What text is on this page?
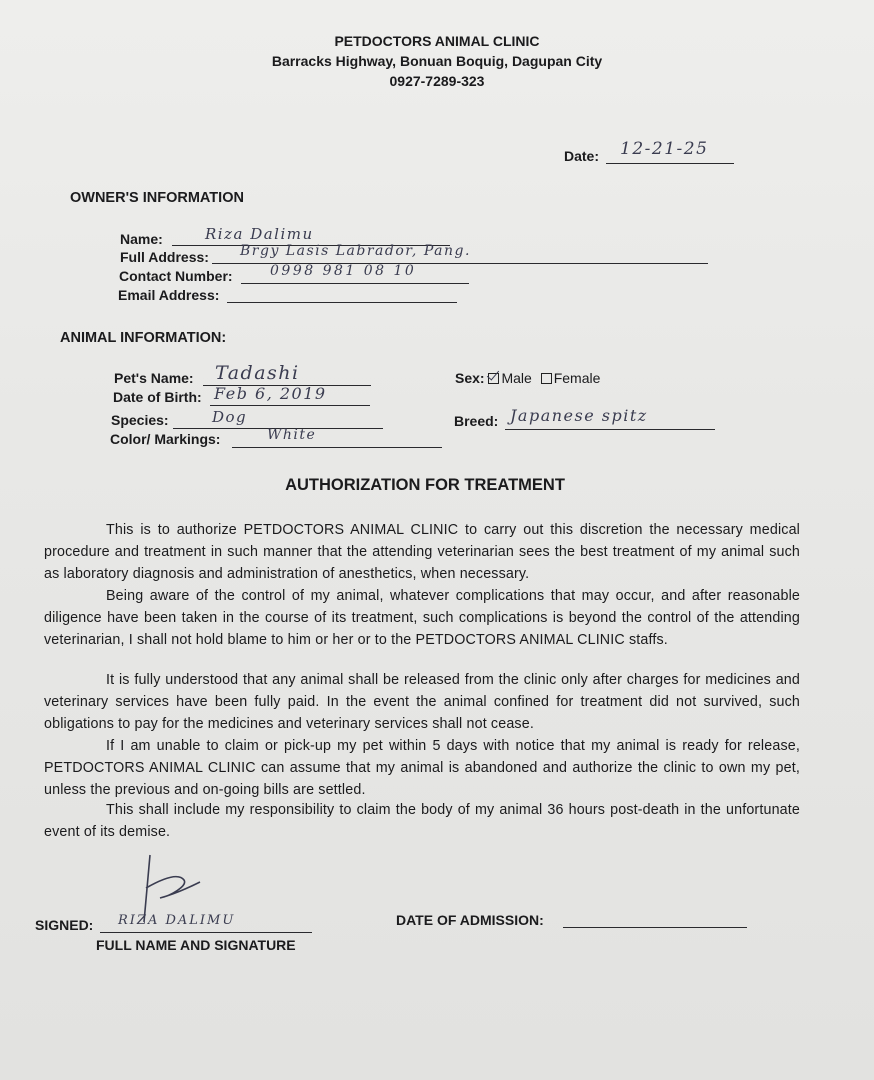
PETDOCTORS ANIMAL CLINIC
Barracks Highway, Bonuan Boquig, Dagupan City
0927-7289-323
Date: 12-21-25
OWNER'S INFORMATION
Name:	Riza Dalimu
Full Address: Brgy Lasis Labrador, Pang.
Contact Number:	0998 981 08 10
Email Address:
ANIMAL INFORMATION:
Pet's Name: Tadashi
Date of Birth: Feb 6, 2019
Species:	Dog
Color/ Markings:	White
Sex: Male Female
Breed: Japanese spitz
AUTHORIZATION FOR TREATMENT
This is to authorize PETDOCTORS ANIMAL CLINIC to carry out this discretion the necessary medical procedure and treatment in such manner that the attending veterinarian sees the best treatment of my animal such as laboratory diagnosis and administration of anesthetics, when necessary.
Being aware of the control of my animal, whatever complications that may occur, and after reasonable diligence have been taken in the course of its treatment, such complications is beyond the control of the attending veterinarian, I shall not hold blame to him or her or to the PETDOCTORS ANIMAL CLINIC staffs.
It is fully understood that any animal shall be released from the clinic only after charges for medicines and veterinary services have been fully paid. In the event the animal confined for treatment did not survived, such obligations to pay for the medicines and veterinary services shall not cease.
If I am unable to claim or pick-up my pet within 5 days with notice that my animal is ready for release, PETDOCTORS ANIMAL CLINIC can assume that my animal is abandoned and authorize the clinic to own my pet, unless the previous and on-going bills are settled.
This shall include my responsibility to claim the body of my animal 36 hours post-death in the unfortunate event of its demise.
SIGNED: RIZA DALIMU
FULL NAME AND SIGNATURE
DATE OF ADMISSION:
